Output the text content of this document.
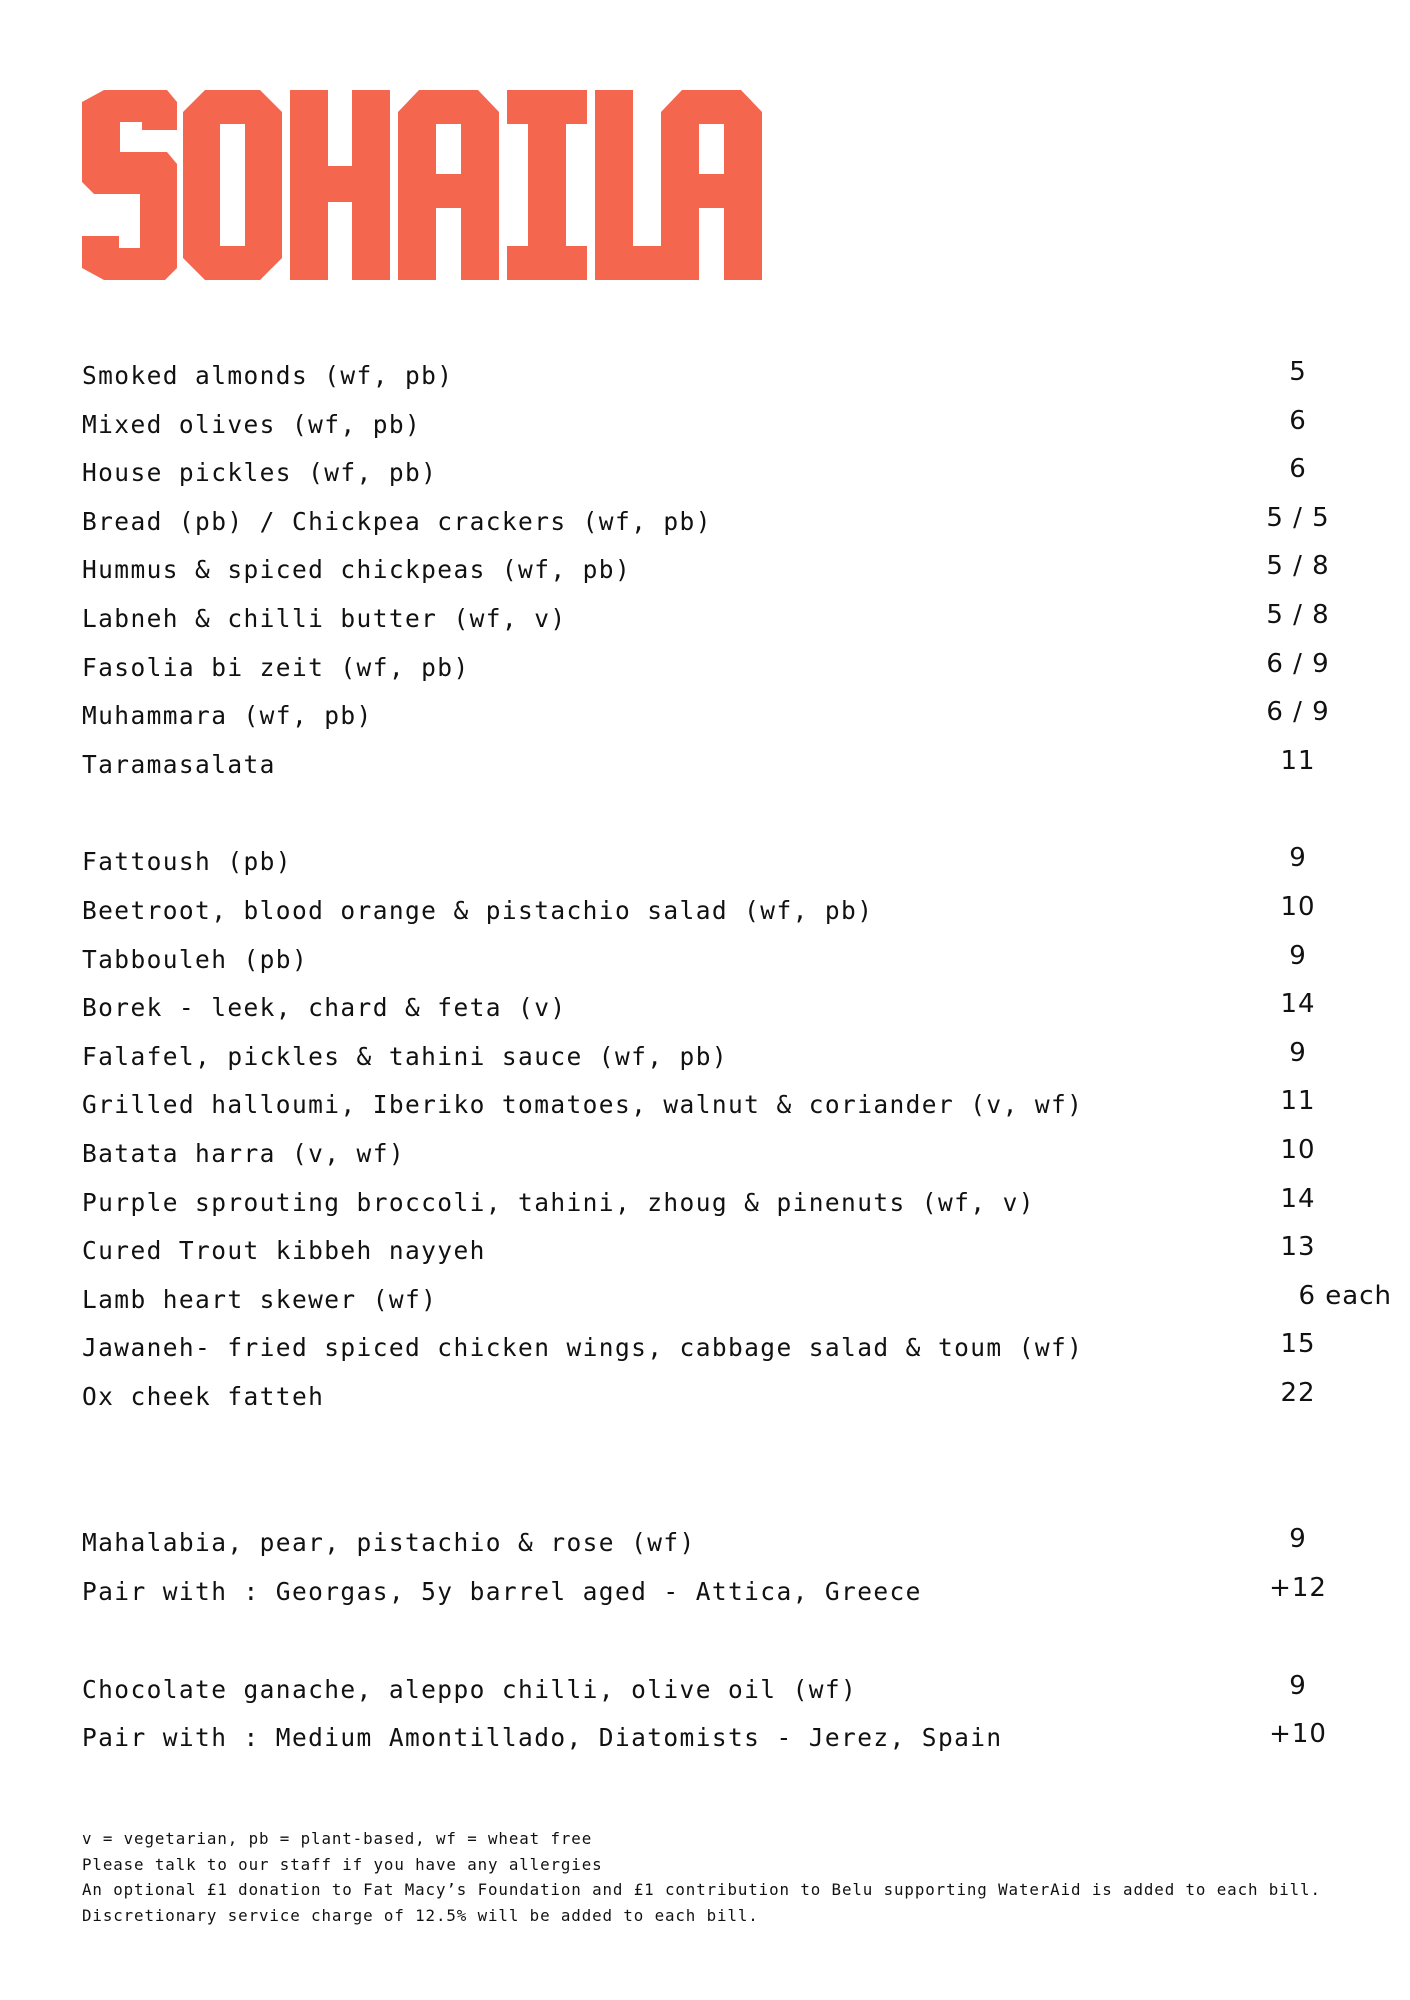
Smoked almonds (wf, pb)	5
Mixed olives (wf, pb)	6
House pickles (wf, pb)	6
Bread (pb) / Chickpea crackers (wf, pb)	5 / 5
Hummus & spiced chickpeas (wf, pb)	5 / 8
Labneh & chilli butter (wf, v)	5 / 8
Fasolia bi zeit (wf, pb)	6 / 9
Muhammara (wf, pb)	6 / 9
Taramasalata	11
Fattoush (pb)	9
Beetroot, blood orange & pistachio salad (wf, pb)	10
Tabbouleh (pb)	9
Borek - leek, chard & feta (v)	14
Falafel, pickles & tahini sauce (wf, pb)	9
Grilled halloumi, Iberiko tomatoes, walnut & coriander (v, wf)	11
Batata harra (v, wf)	10
Purple sprouting broccoli, tahini, zhoug & pinenuts (wf, v)	14
Cured Trout kibbeh nayyeh	13
Lamb heart skewer (wf)	6 each
Jawaneh- fried spiced chicken wings, cabbage salad & toum (wf)	15
Ox cheek fatteh	22
Mahalabia, pear, pistachio & rose (wf)	9
Pair with : Georgas, 5y barrel aged - Attica, Greece	+12
Chocolate ganache, aleppo chilli, olive oil (wf)	9
Pair with : Medium Amontillado, Diatomists - Jerez, Spain	+10
v = vegetarian, pb = plant-based, wf = wheat free
Please talk to our staff if you have any allergies
An optional £1 donation to Fat Macy’s Foundation and £1 contribution to Belu supporting WaterAid is added to each bill.
Discretionary service charge of 12.5% will be added to each bill.
